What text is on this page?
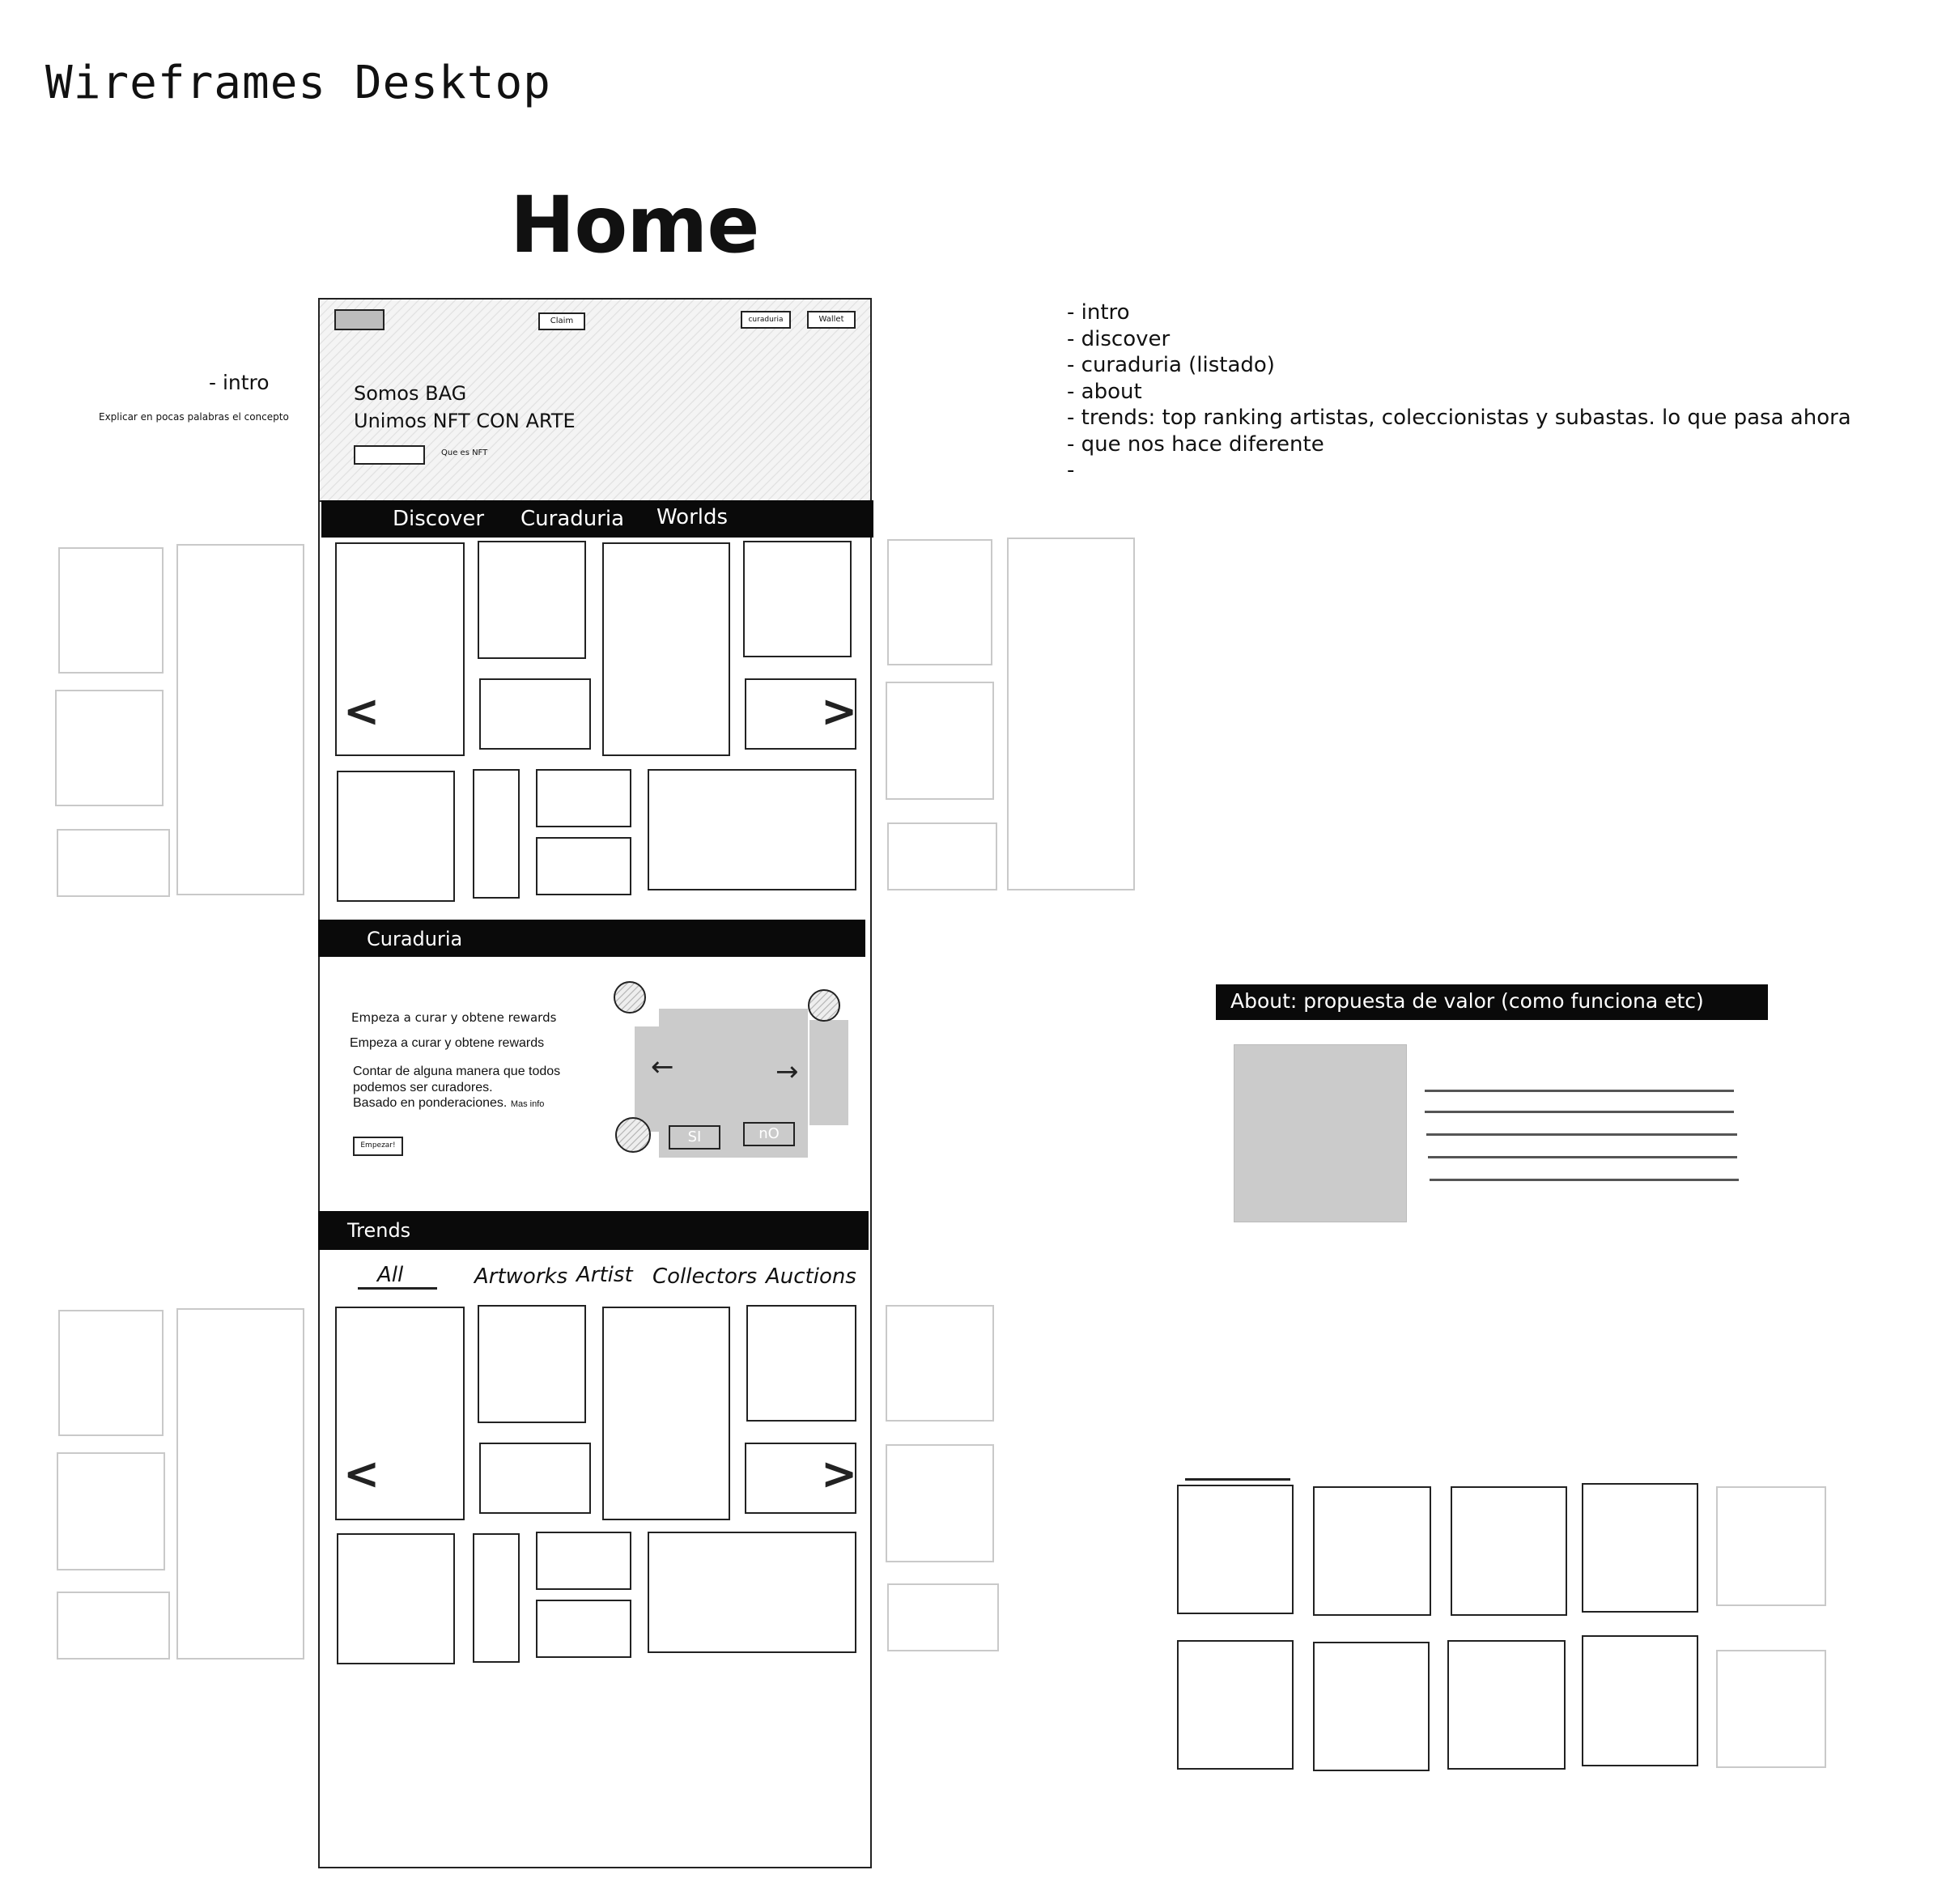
Wireframes Desktop
Home
- intro
Explicar en pocas palabras el concepto
Claim	curaduria	Wallet
Somos BAG
Unimos NFT CON ARTE
Que es NFT
Discover Curaduria Worlds
<	>
Curaduria
Empeza a curar y obtene rewards
Empeza a curar y obtene rewards
Contar de alguna manera que todos
podemos ser curadores.
Basado en ponderaciones. Mas info
Empezar!
←	→
SI	nO
Trends
All	Artworks Artist Collectors Auctions
<	>
- intro
- discover
- curaduria (listado)
- about
- trends: top ranking artistas, coleccionistas y subastas. lo que pasa ahora
- que nos hace diferente
-
About: propuesta de valor (como funciona etc)
